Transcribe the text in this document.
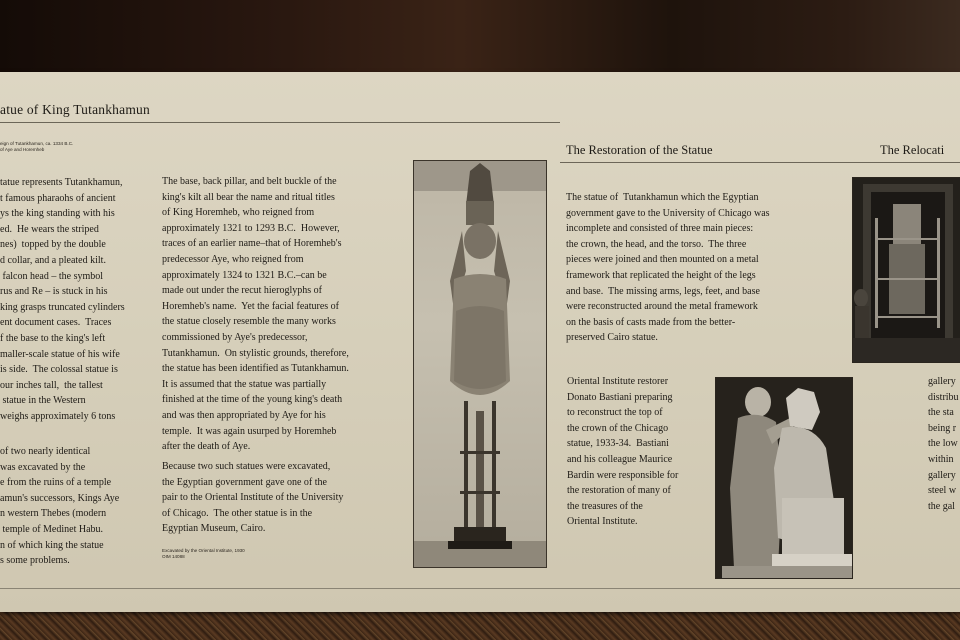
atue of King Tutankhamun
eign of Tutankhamun, ca. 1334 B.C.
of Aye and Horemheb
tatue represents Tutankhamun,
t famous pharaohs of ancient
ys the king standing with his
ed.  He wears the striped
nes)  topped by the double
d collar, and a pleated kilt.
falcon head – the symbol
rus and Re – is stuck in his
king grasps truncated cylinders
ent document cases.  Traces
f the base to the king's left
maller-scale statue of his wife
is side.  The colossal statue is
our inches tall,  the tallest
statue in the Western
weighs approximately 6 tons
of two nearly identical
was excavated by the
e from the ruins of a temple
amun's successors, Kings Aye
n western Thebes (modern
temple of Medinet Habu.
n of which king the statue
s some problems.
The base, back pillar, and belt buckle of the
king's kilt all bear the name and ritual titles
of King Horemheb, who reigned from
approximately 1321 to 1293 B.C.  However,
traces of an earlier name–that of Horemheb's
predecessor Aye, who reigned from
approximately 1324 to 1321 B.C.–can be
made out under the recut hieroglyphs of
Horemheb's name.  Yet the facial features of
the statue closely resemble the many works
commissioned by Aye's predecessor,
Tutankhamun.  On stylistic grounds, therefore,
the statue has been identified as Tutankhamun.
It is assumed that the statue was partially
finished at the time of the young king's death
and was then appropriated by Aye for his
temple.  It was again usurped by Horemheb
after the death of Aye.
Because two such statues were excavated,
the Egyptian government gave one of the
pair to the Oriental Institute of the University
of Chicago.  The other statue is in the
Egyptian Museum, Cairo.
Excavated by the Oriental Institute, 1930
OIM 14088
The Restoration of the Statue	The Relocati
The statue of  Tutankhamun which the Egyptian
government gave to the University of Chicago was
incomplete and consisted of three main pieces:
the crown, the head, and the torso.  The three
pieces were joined and then mounted on a metal
framework that replicated the height of the legs
and base.  The missing arms, legs, feet, and base
were reconstructed around the metal framework
on the basis of casts made from the better-
preserved Cairo statue.
Oriental Institute restorer
Donato Bastiani preparing
to reconstruct the top of
the crown of the Chicago
statue, 1933-34.  Bastiani
and his colleague Maurice
Bardin were responsible for
the restoration of many of
the treasures of the
Oriental Institute.
gallery
distribu
the sta
being r
the low
within
gallery
steel w
the gal
